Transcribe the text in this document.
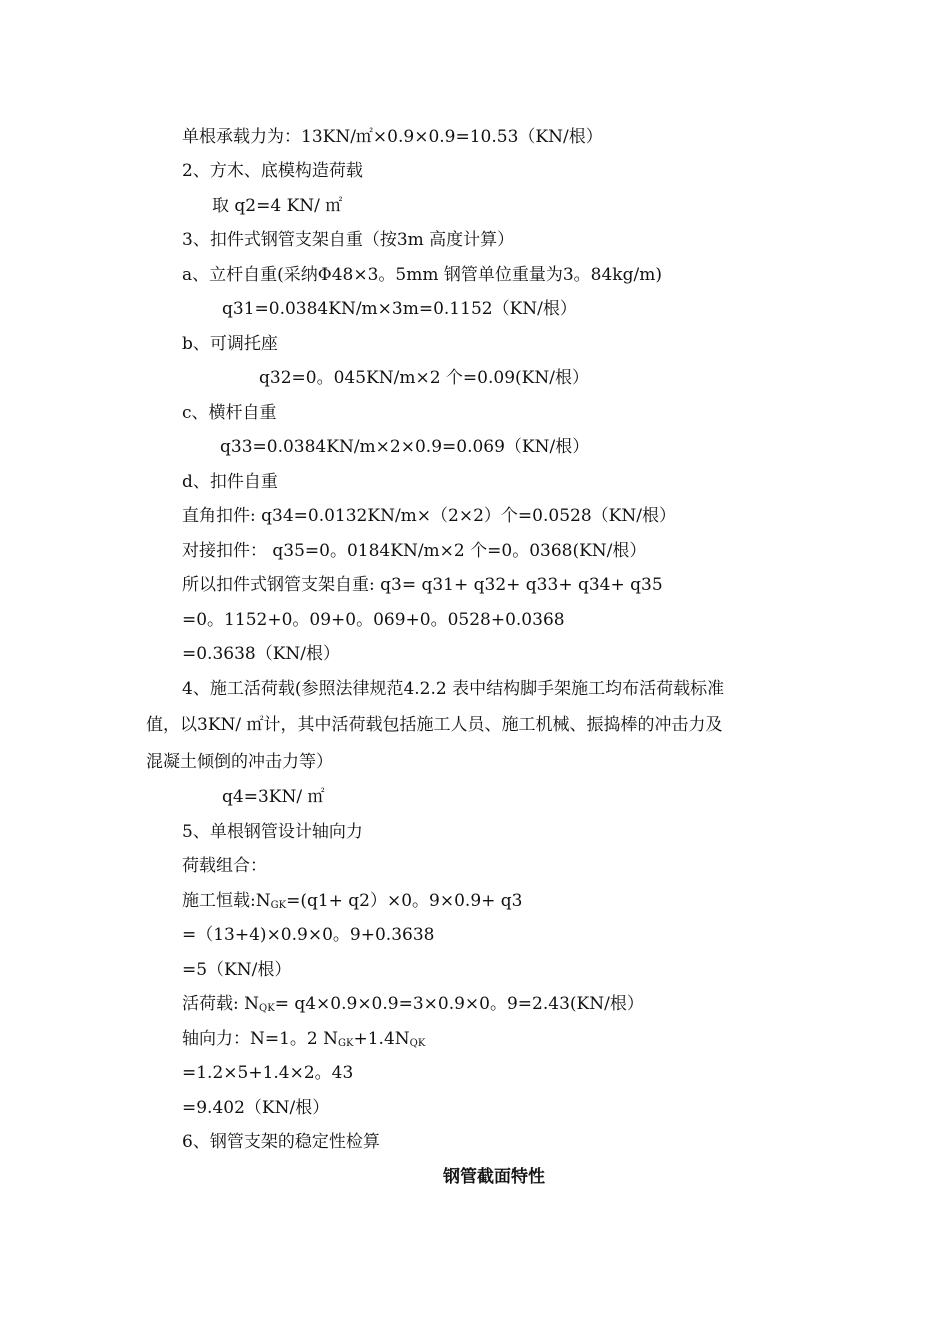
单根承载力为：13KN/㎡×0.9×0.9=10.53（KN/根）
2、方木、底模构造荷载
取 q2=4 KN/ ㎡
3、扣件式钢管支架自重（按3m 高度计算）
a、立杆自重(采纳Φ48×3。5mm 钢管单位重量为3。84kg/m)
q31=0.0384KN/m×3m=0.1152（KN/根）
b、可调托座
q32=0。045KN/m×2 个=0.09(KN/根）
c、横杆自重
q33=0.0384KN/m×2×0.9=0.069（KN/根）
d、扣件自重
直角扣件: q34=0.0132KN/m×（2×2）个=0.0528（KN/根）
对接扣件： q35=0。0184KN/m×2 个=0。0368(KN/根）
所以扣件式钢管支架自重: q3= q31+ q32+ q33+ q34+ q35
=0。1152+0。09+0。069+0。0528+0.0368
=0.3638（KN/根）
4、施工活荷载(参照法律规范4.2.2 表中结构脚手架施工均布活荷载标准
值，以3KN/ ㎡计，其中活荷载包括施工人员、施工机械、振捣棒的冲击力及
混凝土倾倒的冲击力等）
q4=3KN/ ㎡
5、单根钢管设计轴向力
荷载组合：
施工恒载$:N_{GK}=(q1+ q2)\times 0$。9×0.9+ q3
=（13+4)×0.9×0。9+0.3638
=5（KN/根）
活荷载: $N_{QK}= q4\times 0.9\times 0.9=3\times 0.9\times 0$。9=2.43(KN/根）
轴向力：N=1。2 $N_{GK}+1.4N_{QK}$
=1.2×5+1.4×2。43
=9.402（KN/根）
6、钢管支架的稳定性检算
钢管截面特性
